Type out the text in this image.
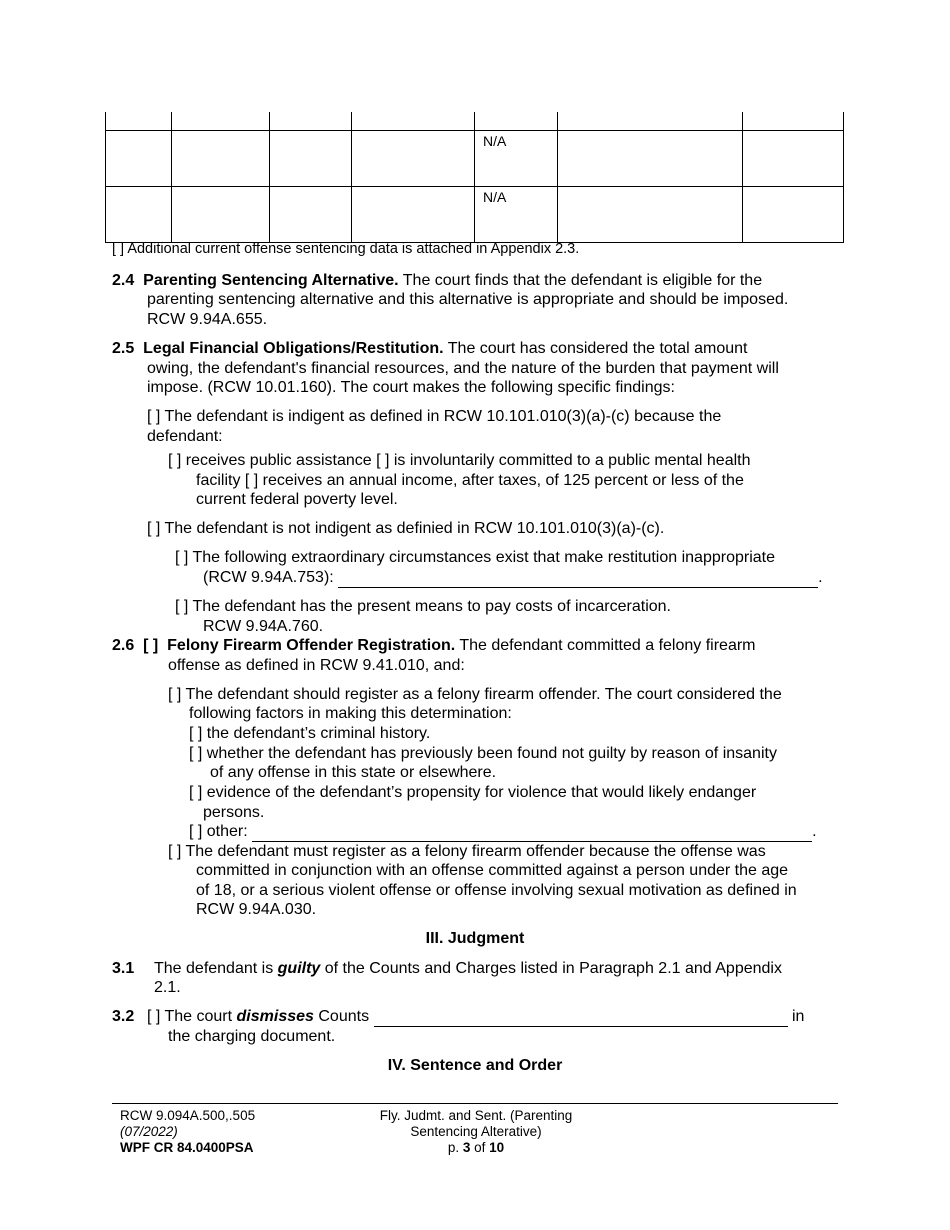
				N/A		
				N/A		
[ ] Additional current offense sentencing data is attached in Appendix 2.3.
2.4 Parenting Sentencing Alternative. The court finds that the defendant is eligible for the
parenting sentencing alternative and this alternative is appropriate and should be imposed.
RCW 9.94A.655.
2.5 Legal Financial Obligations/Restitution. The court has considered the total amount
owing, the defendant's financial resources, and the nature of the burden that payment will
impose. (RCW 10.01.160). The court makes the following specific findings:
[ ] The defendant is indigent as defined in RCW 10.101.010(3)(a)-(c) because the
defendant:
[ ] receives public assistance [ ] is involuntarily committed to a public mental health
facility [ ] receives an annual income, after taxes, of 125 percent or less of the
current federal poverty level.
[ ] The defendant is not indigent as definied in RCW 10.101.010(3)(a)-(c).
[ ] The following extraordinary circumstances exist that make restitution inappropriate
(RCW 9.94A.753):	.
[ ] The defendant has the present means to pay costs of incarceration.
RCW 9.94A.760.
2.6 [ ] Felony Firearm Offender Registration. The defendant committed a felony firearm
offense as defined in RCW 9.41.010, and:
[ ] The defendant should register as a felony firearm offender. The court considered the
following factors in making this determination:
[ ] the defendant’s criminal history.
[ ] whether the defendant has previously been found not guilty by reason of insanity
of any offense in this state or elsewhere.
[ ] evidence of the defendant’s propensity for violence that would likely endanger
persons.
[ ] other:	.
[ ] The defendant must register as a felony firearm offender because the offense was
committed in conjunction with an offense committed against a person under the age
of 18, or a serious violent offense or offense involving sexual motivation as defined in
RCW 9.94A.030.
III. Judgment
3.1 The defendant is guilty of the Counts and Charges listed in Paragraph 2.1 and Appendix
2.1.
3.2 [ ] The court dismisses Counts	in
the charging document.
IV. Sentence and Order
RCW 9.094A.500,.505
(07/2022)
WPF CR 84.0400PSA
Fly. Judmt. and Sent. (Parenting
Sentencing Alterative)
p. 3 of 10
